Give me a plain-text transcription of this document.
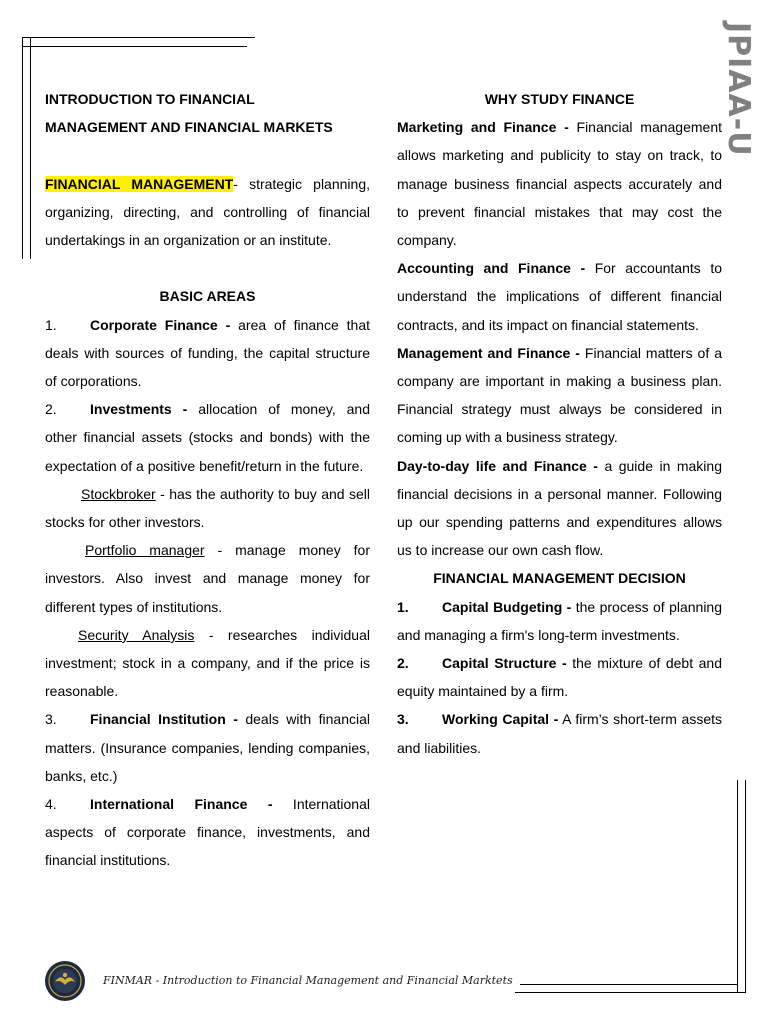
JPIAA-U

INTRODUCTION TO FINANCIAL

MANAGEMENT AND FINANCIAL MARKETS

FINANCIAL MANAGEMENT- strategic planning, organizing, directing, and controlling of financial undertakings in an organization or an institute.

BASIC AREAS

1. Corporate Finance - area of finance that deals with sources of funding, the capital structure of corporations.

2. Investments - allocation of money, and other financial assets (stocks and bonds) with the expectation of a positive benefit/return in the future.

Stockbroker - has the authority to buy and sell stocks for other investors.

Portfolio manager - manage money for investors. Also invest and manage money for different types of institutions.

Security Analysis - researches individual investment; stock in a company, and if the price is reasonable.

3. Financial Institution - deals with financial matters. (Insurance companies, lending companies, banks, etc.)

4. International Finance - International aspects of corporate finance, investments, and financial institutions.

WHY STUDY FINANCE

Marketing and Finance - Financial management allows marketing and publicity to stay on track, to manage business financial aspects accurately and to prevent financial mistakes that may cost the company.

Accounting and Finance - For accountants to understand the implications of different financial contracts, and its impact on financial statements.

Management and Finance - Financial matters of a company are important in making a business plan. Financial strategy must always be considered in coming up with a business strategy.

Day-to-day life and Finance - a guide in making financial decisions in a personal manner. Following up our spending patterns and expenditures allows us to increase our own cash flow.

FINANCIAL MANAGEMENT DECISION

1. Capital Budgeting - the process of planning and managing a firm's long-term investments.

2. Capital Structure - the mixture of debt and equity maintained by a firm.

3. Working Capital - A firm’s short-term assets and liabilities.

FINMAR - Introduction to Financial Management and Financial Marktets
